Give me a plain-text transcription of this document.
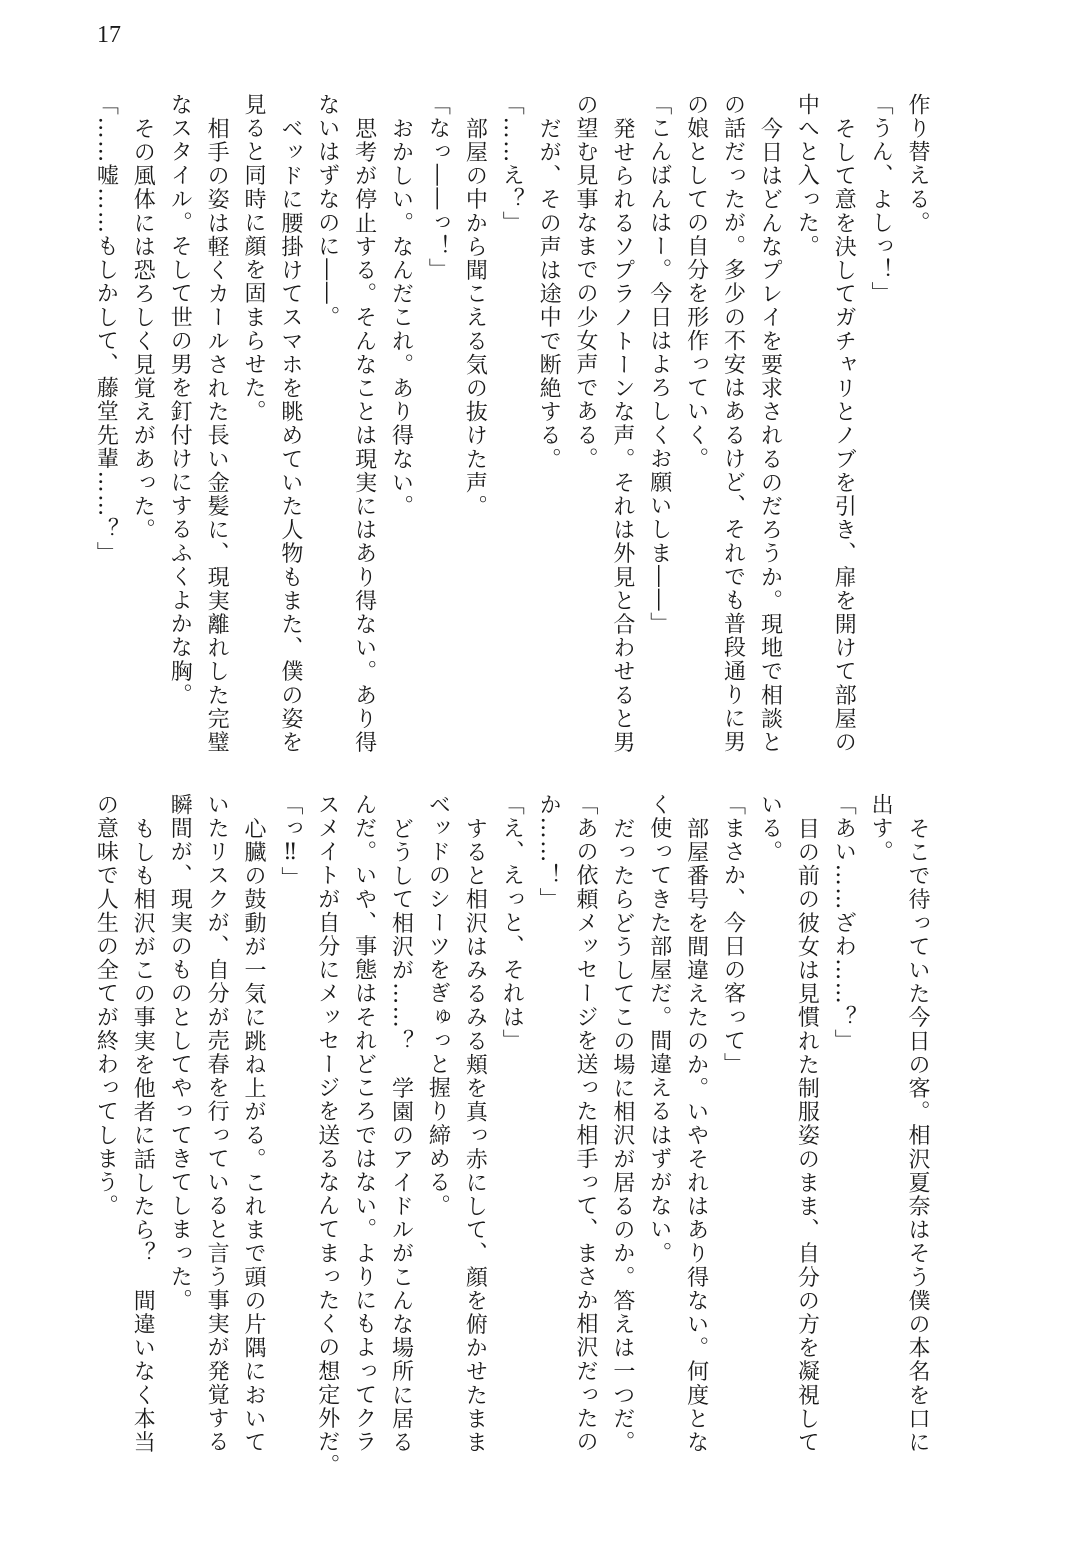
17
作り替える。
「うん、よしっ！」
そして意を決してガチャリとノブを引き、扉を開けて部屋の
中へと入った。
今日はどんなプレイを要求されるのだろうか。現地で相談と
の話だったが。多少の不安はあるけど、それでも普段通りに男
の娘としての自分を形作っていく。
「こんばんはー。今日はよろしくお願いしま――」
発せられるソプラノトーンな声。それは外見と合わせると男
の望む見事なまでの少女声である。
だが、その声は途中で断絶する。
「……え？」
部屋の中から聞こえる気の抜けた声。
「なっ――っ！」
おかしい。なんだこれ。あり得ない。
思考が停止する。そんなことは現実にはあり得ない。あり得
ないはずなのに――。
ベッドに腰掛けてスマホを眺めていた人物もまた、僕の姿を
見ると同時に顔を固まらせた。
相手の姿は軽くカールされた長い金髪に、現実離れした完璧
なスタイル。そして世の男を釘付けにするふくよかな胸。
その風体には恐ろしく見覚えがあった。
「……嘘……もしかして、藤堂先輩……？」
そこで待っていた今日の客。相沢夏奈はそう僕の本名を口に
出す。
「あい……ざわ……？」
目の前の彼女は見慣れた制服姿のまま、自分の方を凝視して
いる。
「まさか、今日の客って」
部屋番号を間違えたのか。いやそれはあり得ない。何度とな
く使ってきた部屋だ。間違えるはずがない。
だったらどうしてこの場に相沢が居るのか。答えは一つだ。
「あの依頼メッセージを送った相手って、まさか相沢だったの
か……！」
「え、えっと、それは」
すると相沢はみるみる頬を真っ赤にして、顔を俯かせたまま
ベッドのシーツをぎゅっと握り締める。
どうして相沢が……？　学園のアイドルがこんな場所に居る
んだ。いや、事態はそれどころではない。よりにもよってクラ
スメイトが自分にメッセージを送るなんてまったくの想定外だ。
「っ‼」
心臓の鼓動が一気に跳ね上がる。これまで頭の片隅において
いたリスクが、自分が売春を行っていると言う事実が発覚する
瞬間が、現実のものとしてやってきてしまった。
もしも相沢がこの事実を他者に話したら？　間違いなく本当
の意味で人生の全てが終わってしまう。
